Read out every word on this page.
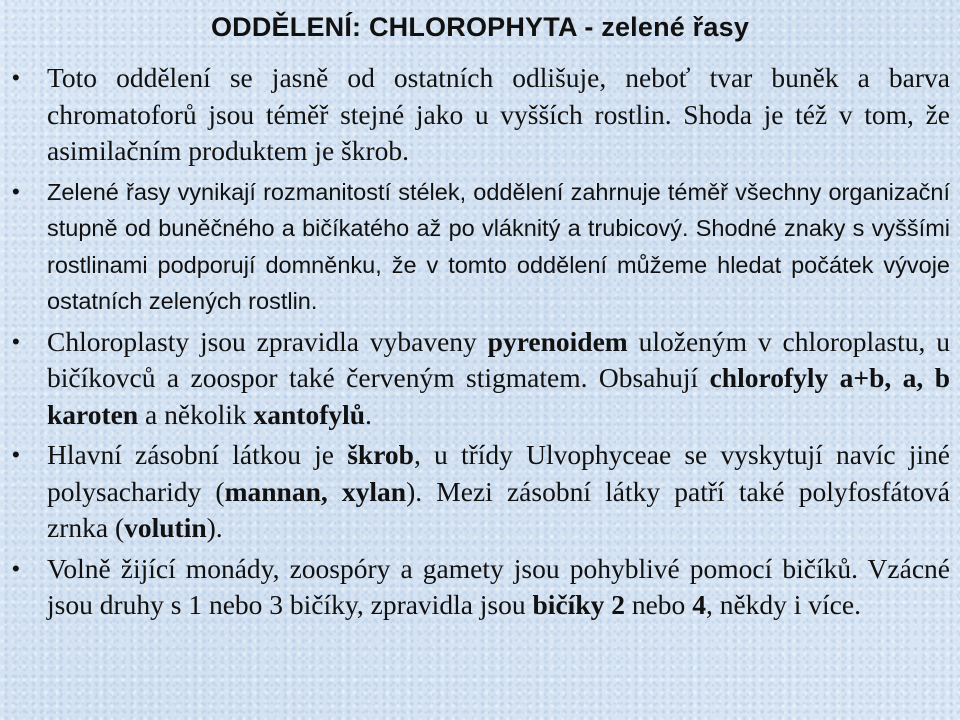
ODDĚLENÍ: CHLOROPHYTA - zelené řasy
• Toto oddělení se jasně od ostatních odlišuje, neboť tvar buněk a barva chromatoforů jsou téměř stejné jako u vyšších rostlin. Shoda je též v tom, že asimilačním produktem je škrob.
• Zelené řasy vynikají rozmanitostí stélek, oddělení zahrnuje téměř všechny organizační stupně od buněčného a bičíkatého až po vláknitý a trubicový. Shodné znaky s vyššími rostlinami podporují domněnku, že v tomto oddělení můžeme hledat počátek vývoje ostatních zelených rostlin.
• Chloroplasty jsou zpravidla vybaveny pyrenoidem uloženým v chloroplastu, u bičíkovců a zoospor také červeným stigmatem. Obsahují chlorofyly a+b, a, b karoten a několik xantofylů.
• Hlavní zásobní látkou je škrob, u třídy Ulvophyceae se vyskytují navíc jiné polysacharidy (mannan, xylan). Mezi zásobní látky patří také polyfosfátová zrnka (volutin).
• Volně žijící monády, zoospóry a gamety jsou pohyblivé pomocí bičíků. Vzácné jsou druhy s 1 nebo 3 bičíky, zpravidla jsou bičíky 2 nebo 4, někdy i více.
